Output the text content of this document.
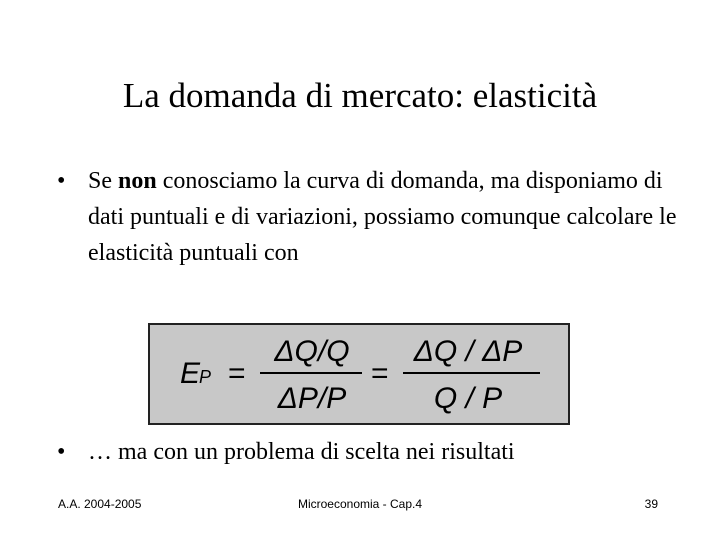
La domanda di mercato: elasticità
• Se non conosciamo la curva di domanda, ma disponiamo di dati puntuali e di variazioni, possiamo comunque calcolare le elasticità puntuali con
E
P =
ΔQ/Q
ΔP/P
=
ΔQ / ΔP
Q / P
• … ma con un problema di scelta nei risultati
A.A. 2004-2005	Microeconomia - Cap.4	39
